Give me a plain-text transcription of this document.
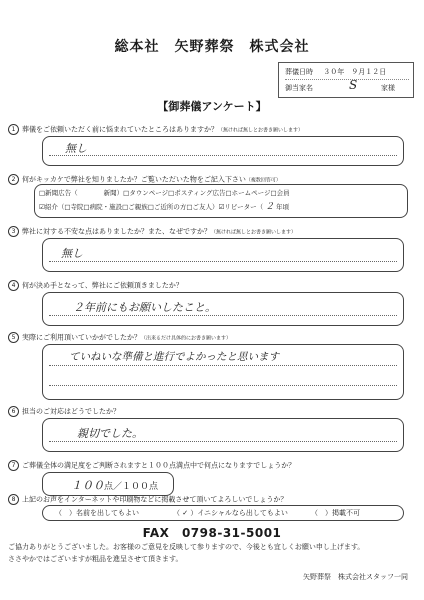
総本社　矢野葬祭　株式会社
葬儀日時 ３０年　９月１２日
御当家名	S	家様
【御葬儀アンケート】
1 葬儀をご依頼いただく前に悩まれていたところはありますか？（無ければ無しとお書き願いします）
無し
2 何がキッカケで弊社を知りましたか？ご覧いただいた物をご記入下さい（複数回答可）
□新聞広告（　　　　新聞）□タウンページ□ポスティング広告□ホームページ□会員
☑紹介（□寺院□病院・施設□ご親族□ご近所の方□ご友人）☑リピーター（ ２ 年頃
3 弊社に対する不安な点はありましたか？また、なぜですか？（無ければ無しとお書き願いします）
無し
4 何が決め手となって、弊社にご依頼頂きましたか？
２年前にもお願いしたこと。
5 実際にご利用頂いていかがでしたか？（出来るだけ具体的にお書き願います）
ていねいな準備と進行でよかったと思います
6 担当のご対応はどうでしたか？
親切でした。
7 ご葬儀全体の満足度をご判断されますと１００点満点中で何点になりますでしょうか？
１００点／１００点
8 上記のお声をインターネットや印刷物などに掲載させて頂いてよろしいでしょうか？
FAX　0798-31-5001
ご協力ありがとうございました。お客様のご意見を反映して参りますので、今後とも宜しくお願い申し上げます。
ささやかではございますが粗品を進呈させて頂きます。
矢野葬祭　株式会社スタッフ一同
（　）名前を出してもよい	（ ✓ ）イニシャルなら出してもよい	（　）掲載不可
